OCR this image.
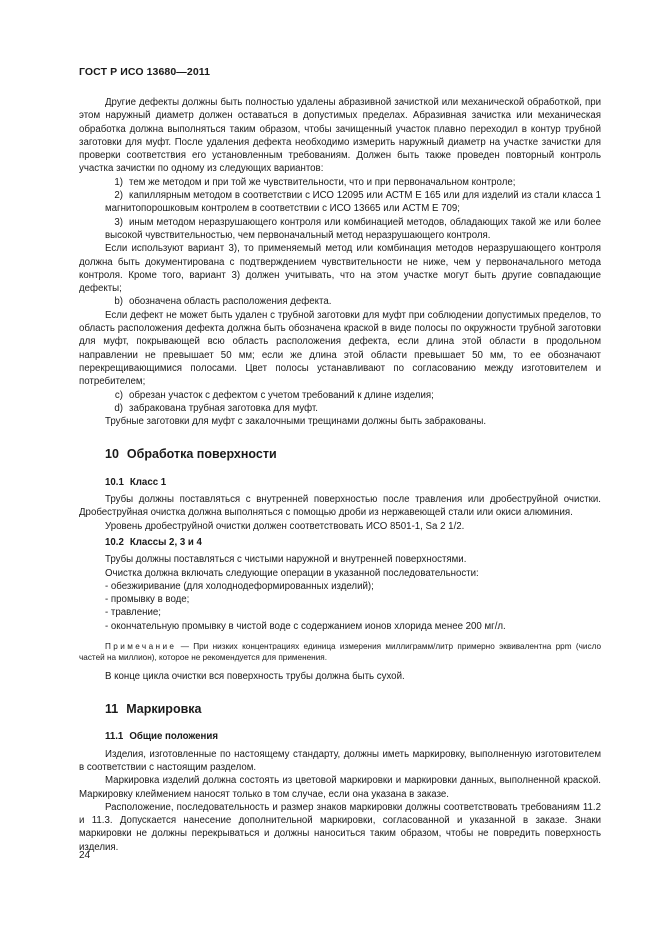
ГОСТ Р ИСО 13680—2011

Другие дефекты должны быть полностью удалены абразивной зачисткой или механической обработкой, при этом наружный диаметр должен оставаться в допустимых пределах. Абразивная зачистка или механическая обработка должна выполняться таким образом, чтобы зачищенный участок плавно переходил в контур трубной заготовки для муфт. После удаления дефекта необходимо измерить наружный диаметр на участке зачистки для проверки соответствия его установленным требованиям. Должен быть также проведен повторный контроль участка зачистки по одному из следующих вариантов:

1) тем же методом и при той же чувствительности, что и при первоначальном контроле;

2) капиллярным методом в соответствии с ИСО 12095 или АСТМ Е 165 или для изделий из стали класса 1 магнитопорошковым контролем в соответствии с ИСО 13665 или АСТМ Е 709;

3) иным методом неразрушающего контроля или комбинацией методов, обладающих такой же или более высокой чувствительностью, чем первоначальный метод неразрушающего контроля.

Если используют вариант 3), то применяемый метод или комбинация методов неразрушающего контроля должна быть документирована с подтверждением чувствительности не ниже, чем у первоначального метода контроля. Кроме того, вариант 3) должен учитывать, что на этом участке могут быть другие совпадающие дефекты;

b) обозначена область расположения дефекта.

Если дефект не может быть удален с трубной заготовки для муфт при соблюдении допустимых пределов, то область расположения дефекта должна быть обозначена краской в виде полосы по окружности трубной заготовки для муфт, покрывающей всю область расположения дефекта, если длина этой области в продольном направлении не превышает 50 мм; если же длина этой области превышает 50 мм, то ее обозначают перекрещивающимися полосами. Цвет полосы устанавливают по согласованию между изготовителем и потребителем;

c) обрезан участок с дефектом с учетом требований к длине изделия;

d) забракована трубная заготовка для муфт.

Трубные заготовки для муфт с закалочными трещинами должны быть забракованы.

10 Обработка поверхности
10.1 Класс 1

Трубы должны поставляться с внутренней поверхностью после травления или дробеструйной очистки. Дробеструйная очистка должна выполняться с помощью дроби из нержавеющей стали или окиси алюминия.

Уровень дробеструйной очистки должен соответствовать ИСО 8501-1, Sa 2 1/2.

10.2 Классы 2, 3 и 4

Трубы должны поставляться с чистыми наружной и внутренней поверхностями.

Очистка должна включать следующие операции в указанной последовательности:

- обезжиривание (для холоднодеформированных изделий);

- промывку в воде;

- травление;

- окончательную промывку в чистой воде с содержанием ионов хлорида менее 200 мг/л.

Примечание — При низких концентрациях единица измерения миллиграмм/литр примерно эквивалентна ppm (число частей на миллион), которое не рекомендуется для применения.

В конце цикла очистки вся поверхность трубы должна быть сухой.

11 Маркировка
11.1 Общие положения

Изделия, изготовленные по настоящему стандарту, должны иметь маркировку, выполненную изготовителем в соответствии с настоящим разделом.

Маркировка изделий должна состоять из цветовой маркировки и маркировки данных, выполненной краской. Маркировку клеймением наносят только в том случае, если она указана в заказе.

Расположение, последовательность и размер знаков маркировки должны соответствовать требованиям 11.2 и 11.3. Допускается нанесение дополнительной маркировки, согласованной и указанной в заказе. Знаки маркировки не должны перекрываться и должны наноситься таким образом, чтобы не повредить поверхность изделия.

24
